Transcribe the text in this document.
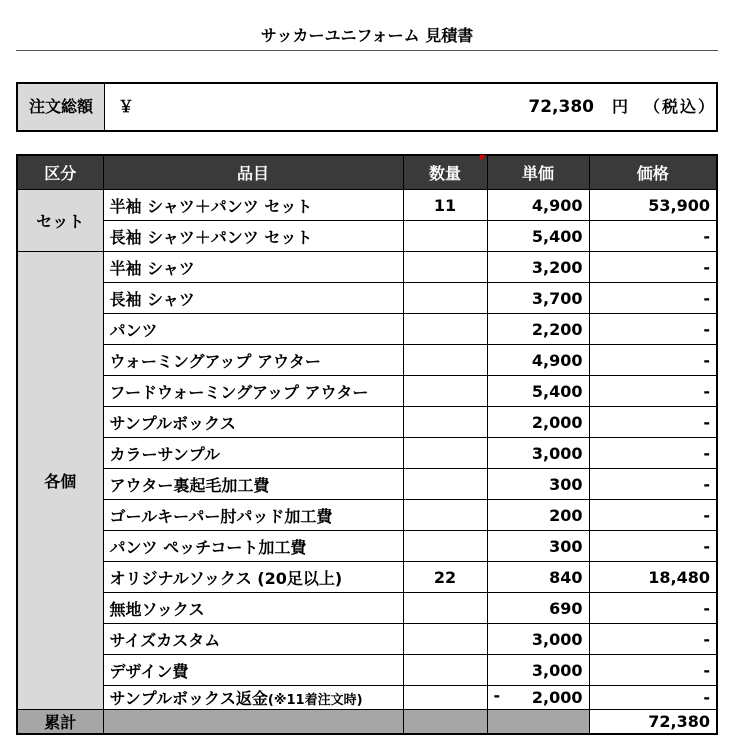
サッカーユニフォーム 見積書
注文総額	￥	72,380 円 （税込）
区分	品目	数量	単価	価格
セット	半袖 シャツ＋パンツ セット	11	4,900	53,900
	長袖 シャツ＋パンツ セット		5,400	-
各個	半袖 シャツ		3,200	-
	長袖 シャツ		3,700	-
	パンツ		2,200	-
	ウォーミングアップ アウター		4,900	-
	フードウォーミングアップ アウター		5,400	-
	サンプルボックス		2,000	-
	カラーサンプル		3,000	-
	アウター裏起毛加工費		300	-
	ゴールキーパー肘パッド加工費		200	-
	パンツ ペッチコート加工費		300	-
	オリジナルソックス (20足以上)	22	840	18,480
	無地ソックス		690	-
	サイズカスタム		3,000	-
	デザイン費		3,000	-
	サンプルボックス返金(※11着注文時)		- 2,000	-
累計				72,380
